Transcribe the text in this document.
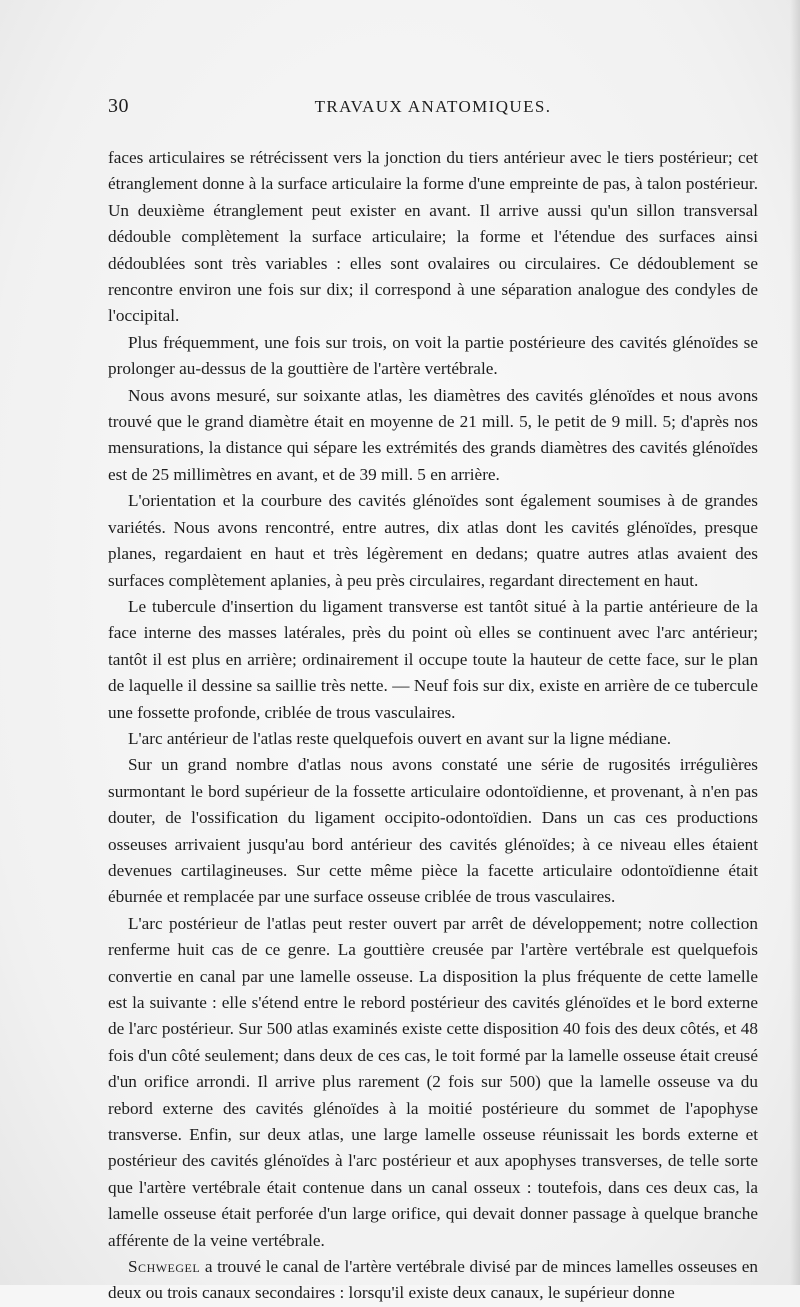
30	TRAVAUX ANATOMIQUES.

faces articulaires se rétrécissent vers la jonction du tiers antérieur avec le tiers postérieur; cet étranglement donne à la surface articulaire la forme d'une empreinte de pas, à talon postérieur. Un deuxième étranglement peut exister en avant. Il arrive aussi qu'un sillon transversal dédouble complètement la surface articulaire; la forme et l'étendue des surfaces ainsi dédoublées sont très variables : elles sont ovalaires ou circulaires. Ce dédoublement se rencontre environ une fois sur dix; il correspond à une séparation analogue des condyles de l'occipital.

Plus fréquemment, une fois sur trois, on voit la partie postérieure des cavités glénoïdes se prolonger au-dessus de la gouttière de l'artère vertébrale.

Nous avons mesuré, sur soixante atlas, les diamètres des cavités glénoïdes et nous avons trouvé que le grand diamètre était en moyenne de 21 mill. 5, le petit de 9 mill. 5; d'après nos mensurations, la distance qui sépare les extrémités des grands diamètres des cavités glénoïdes est de 25 millimètres en avant, et de 39 mill. 5 en arrière.

L'orientation et la courbure des cavités glénoïdes sont également soumises à de grandes variétés. Nous avons rencontré, entre autres, dix atlas dont les cavités glénoïdes, presque planes, regardaient en haut et très légèrement en dedans; quatre autres atlas avaient des surfaces complètement aplanies, à peu près circulaires, regardant directement en haut.

Le tubercule d'insertion du ligament transverse est tantôt situé à la partie antérieure de la face interne des masses latérales, près du point où elles se continuent avec l'arc antérieur; tantôt il est plus en arrière; ordinairement il occupe toute la hauteur de cette face, sur le plan de laquelle il dessine sa saillie très nette. — Neuf fois sur dix, existe en arrière de ce tubercule une fossette profonde, criblée de trous vasculaires.

L'arc antérieur de l'atlas reste quelquefois ouvert en avant sur la ligne médiane.

Sur un grand nombre d'atlas nous avons constaté une série de rugosités irrégulières surmontant le bord supérieur de la fossette articulaire odontoïdienne, et provenant, à n'en pas douter, de l'ossification du ligament occipito-odontoïdien. Dans un cas ces productions osseuses arrivaient jusqu'au bord antérieur des cavités glénoïdes; à ce niveau elles étaient devenues cartilagineuses. Sur cette même pièce la facette articulaire odontoïdienne était éburnée et remplacée par une surface osseuse criblée de trous vasculaires.

L'arc postérieur de l'atlas peut rester ouvert par arrêt de développement; notre collection renferme huit cas de ce genre. La gouttière creusée par l'artère vertébrale est quelquefois convertie en canal par une lamelle osseuse. La disposition la plus fréquente de cette lamelle est la suivante : elle s'étend entre le rebord postérieur des cavités glénoïdes et le bord externe de l'arc postérieur. Sur 500 atlas examinés existe cette disposition 40 fois des deux côtés, et 48 fois d'un côté seulement; dans deux de ces cas, le toit formé par la lamelle osseuse était creusé d'un orifice arrondi. Il arrive plus rarement (2 fois sur 500) que la lamelle osseuse va du rebord externe des cavités glénoïdes à la moitié postérieure du sommet de l'apophyse transverse. Enfin, sur deux atlas, une large lamelle osseuse réunissait les bords externe et postérieur des cavités glénoïdes à l'arc postérieur et aux apophyses transverses, de telle sorte que l'artère vertébrale était contenue dans un canal osseux : toutefois, dans ces deux cas, la lamelle osseuse était perforée d'un large orifice, qui devait donner passage à quelque branche afférente de la veine vertébrale.

Schwegel a trouvé le canal de l'artère vertébrale divisé par de minces lamelles osseuses en deux ou trois canaux secondaires : lorsqu'il existe deux canaux, le supérieur donne
